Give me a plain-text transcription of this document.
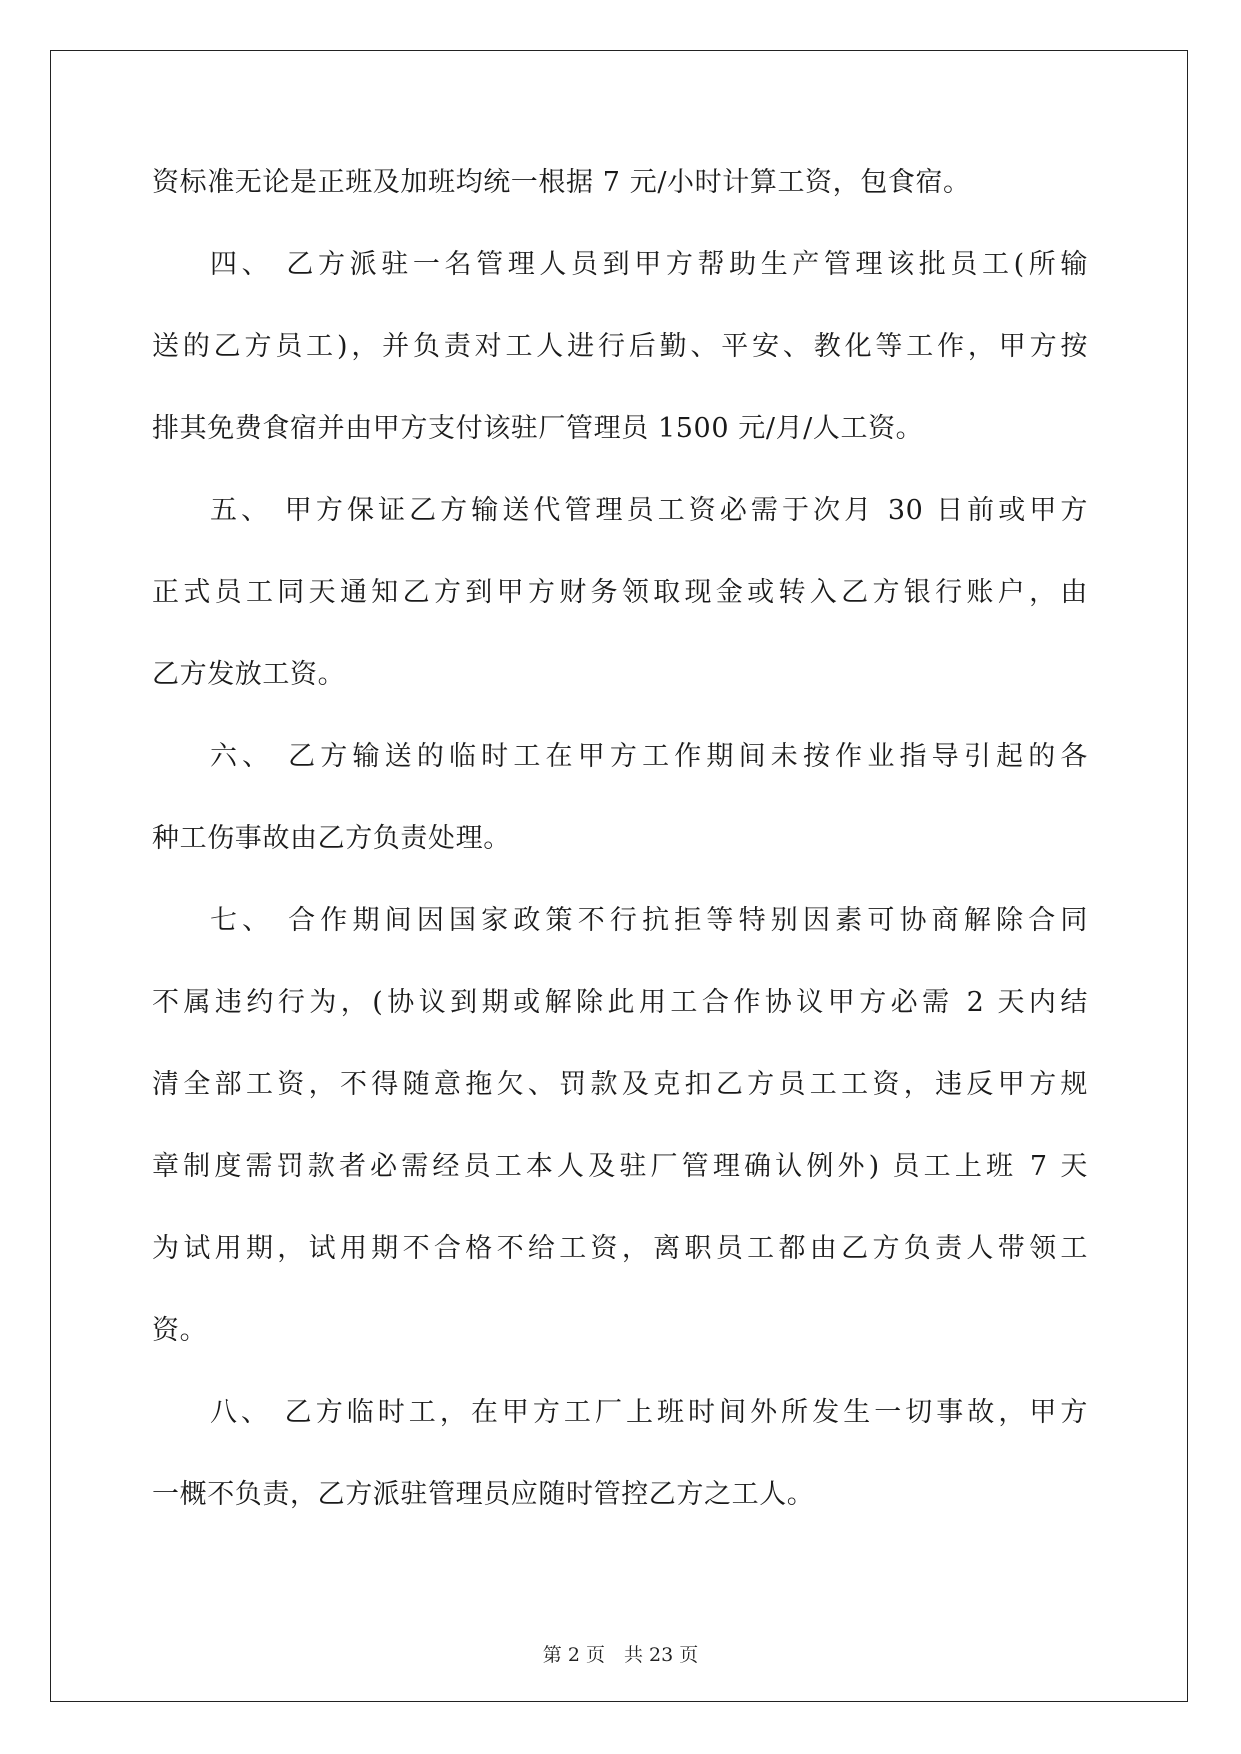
资标准无论是正班及加班均统一根据 7 元/小时计算工资，包食宿。
四、 乙方派驻一名管理人员到甲方帮助生产管理该批员工(所输
送的乙方员工)，并负责对工人进行后勤、平安、教化等工作，甲方按
排其免费食宿并由甲方支付该驻厂管理员 1500 元/月/人工资。
五、 甲方保证乙方输送代管理员工资必需于次月 30 日前或甲方
正式员工同天通知乙方到甲方财务领取现金或转入乙方银行账户，由
乙方发放工资。
六、 乙方输送的临时工在甲方工作期间未按作业指导引起的各
种工伤事故由乙方负责处理。
七、 合作期间因国家政策不行抗拒等特别因素可协商解除合同
不属违约行为，(协议到期或解除此用工合作协议甲方必需 2 天内结
清全部工资，不得随意拖欠、罚款及克扣乙方员工工资，违反甲方规
章制度需罚款者必需经员工本人及驻厂管理确认例外) 员工上班 7 天
为试用期，试用期不合格不给工资，离职员工都由乙方负责人带领工
资。
八、 乙方临时工，在甲方工厂上班时间外所发生一切事故，甲方
一概不负责，乙方派驻管理员应随时管控乙方之工人。
第 2 页　共 23 页
